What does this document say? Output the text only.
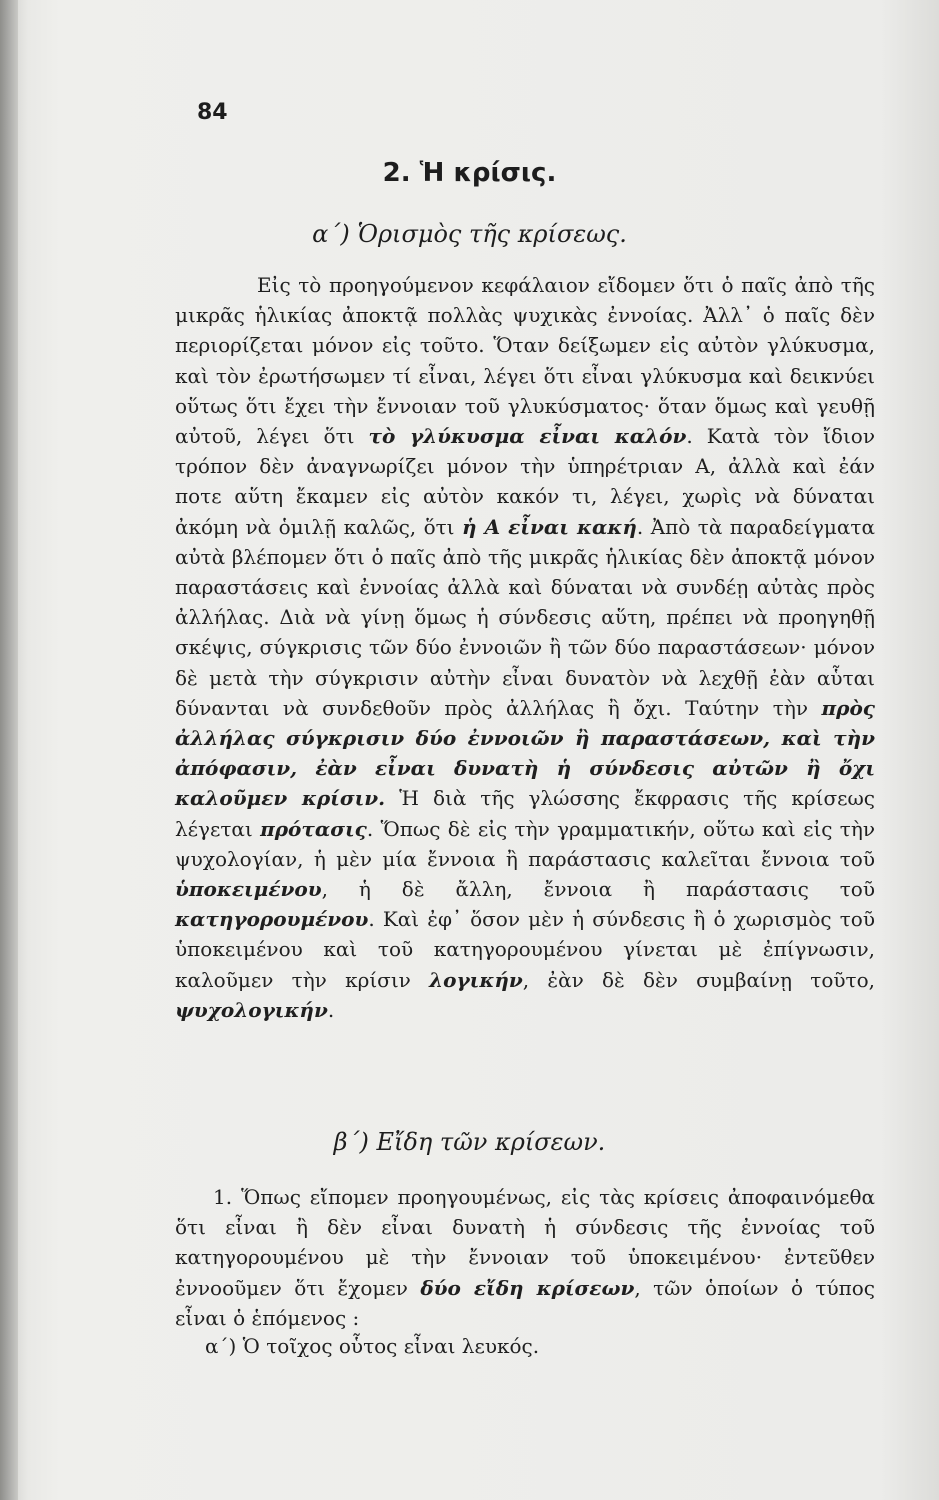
84
2. Ἡ κρίσις.
α΄) Ὁρισμὸς τῆς κρίσεως.
Εἰς τὸ προηγούμενον κεφάλαιον εἴδομεν ὅτι ὁ παῖς ἀπὸ τῆς μικρᾶς ἡλικίας ἀποκτᾷ πολλὰς ψυχικὰς ἐννοίας. Ἀλλ᾽ ὁ παῖς δὲν περιορίζεται μόνον εἰς τοῦτο. Ὅταν δείξωμεν εἰς αὐτὸν γλύκυσμα, καὶ τὸν ἐρωτήσωμεν τί εἶναι, λέγει ὅτι εἶναι γλύκυσμα καὶ δεικνύει οὕτως ὅτι ἔχει τὴν ἔννοιαν τοῦ γλυκύσματος· ὅταν ὅμως καὶ γευθῇ αὐτοῦ, λέγει ὅτι τὸ γλύκυσμα εἶναι καλόν. Κατὰ τὸν ἴδιον τρόπον δὲν ἀναγνωρίζει μόνον τὴν ὑπηρέτριαν Α, ἀλλὰ καὶ ἐάν ποτε αὕτη ἔκαμεν εἰς αὐτὸν κακόν τι, λέγει, χωρὶς νὰ δύναται ἀκόμη νὰ ὁμιλῇ καλῶς, ὅτι ἡ Α εἶναι κακή. Ἀπὸ τὰ παραδείγματα αὐτὰ βλέπομεν ὅτι ὁ παῖς ἀπὸ τῆς μικρᾶς ἡλικίας δὲν ἀποκτᾷ μόνον παραστάσεις καὶ ἐννοίας ἀλλὰ καὶ δύναται νὰ συνδέῃ αὐτὰς πρὸς ἀλλήλας. Διὰ νὰ γίνῃ ὅμως ἡ σύνδεσις αὕτη, πρέπει νὰ προηγηθῇ σκέψις, σύγκρισις τῶν δύο ἐννοιῶν ἢ τῶν δύο παραστάσεων· μόνον δὲ μετὰ τὴν σύγκρισιν αὐτὴν εἶναι δυνατὸν νὰ λεχθῇ ἐὰν αὗται δύνανται νὰ συνδεθοῦν πρὸς ἀλλήλας ἢ ὄχι. Ταύτην τὴν πρὸς ἀλλήλας σύγκρισιν δύο ἐννοιῶν ἢ παραστάσεων, καὶ τὴν ἀπόφασιν, ἐὰν εἶναι δυνατὴ ἡ σύνδεσις αὐτῶν ἢ ὄχι καλοῦμεν κρίσιν. Ἡ διὰ τῆς γλώσσης ἔκφρασις τῆς κρίσεως λέγεται πρότασις. Ὅπως δὲ εἰς τὴν γραμματικήν, οὕτω καὶ εἰς τὴν ψυχολογίαν, ἡ μὲν μία ἔννοια ἢ παράστασις καλεῖται ἔννοια τοῦ ὑποκειμένου, ἡ δὲ ἄλλη, ἔννοια ἢ παράστασις τοῦ κατηγορουμένου. Καὶ ἐφ᾽ ὅσον μὲν ἡ σύνδεσις ἢ ὁ χωρισμὸς τοῦ ὑποκειμένου καὶ τοῦ κατηγορουμένου γίνεται μὲ ἐπίγνωσιν, καλοῦμεν τὴν κρίσιν λογικήν, ἐὰν δὲ δὲν συμβαίνῃ τοῦτο, ψυχολογικήν.
β΄) Εἴδη τῶν κρίσεων.
1. Ὅπως εἴπομεν προηγουμένως, εἰς τὰς κρίσεις ἀποφαινόμεθα ὅτι εἶναι ἢ δὲν εἶναι δυνατὴ ἡ σύνδεσις τῆς ἐννοίας τοῦ κατηγορουμένου μὲ τὴν ἔννοιαν τοῦ ὑποκειμένου· ἐντεῦθεν ἐννοοῦμεν ὅτι ἔχομεν δύο εἴδη κρίσεων, τῶν ὁποίων ὁ τύπος εἶναι ὁ ἑπόμενος :
α΄) Ὁ τοῖχος οὗτος εἶναι λευκός.
